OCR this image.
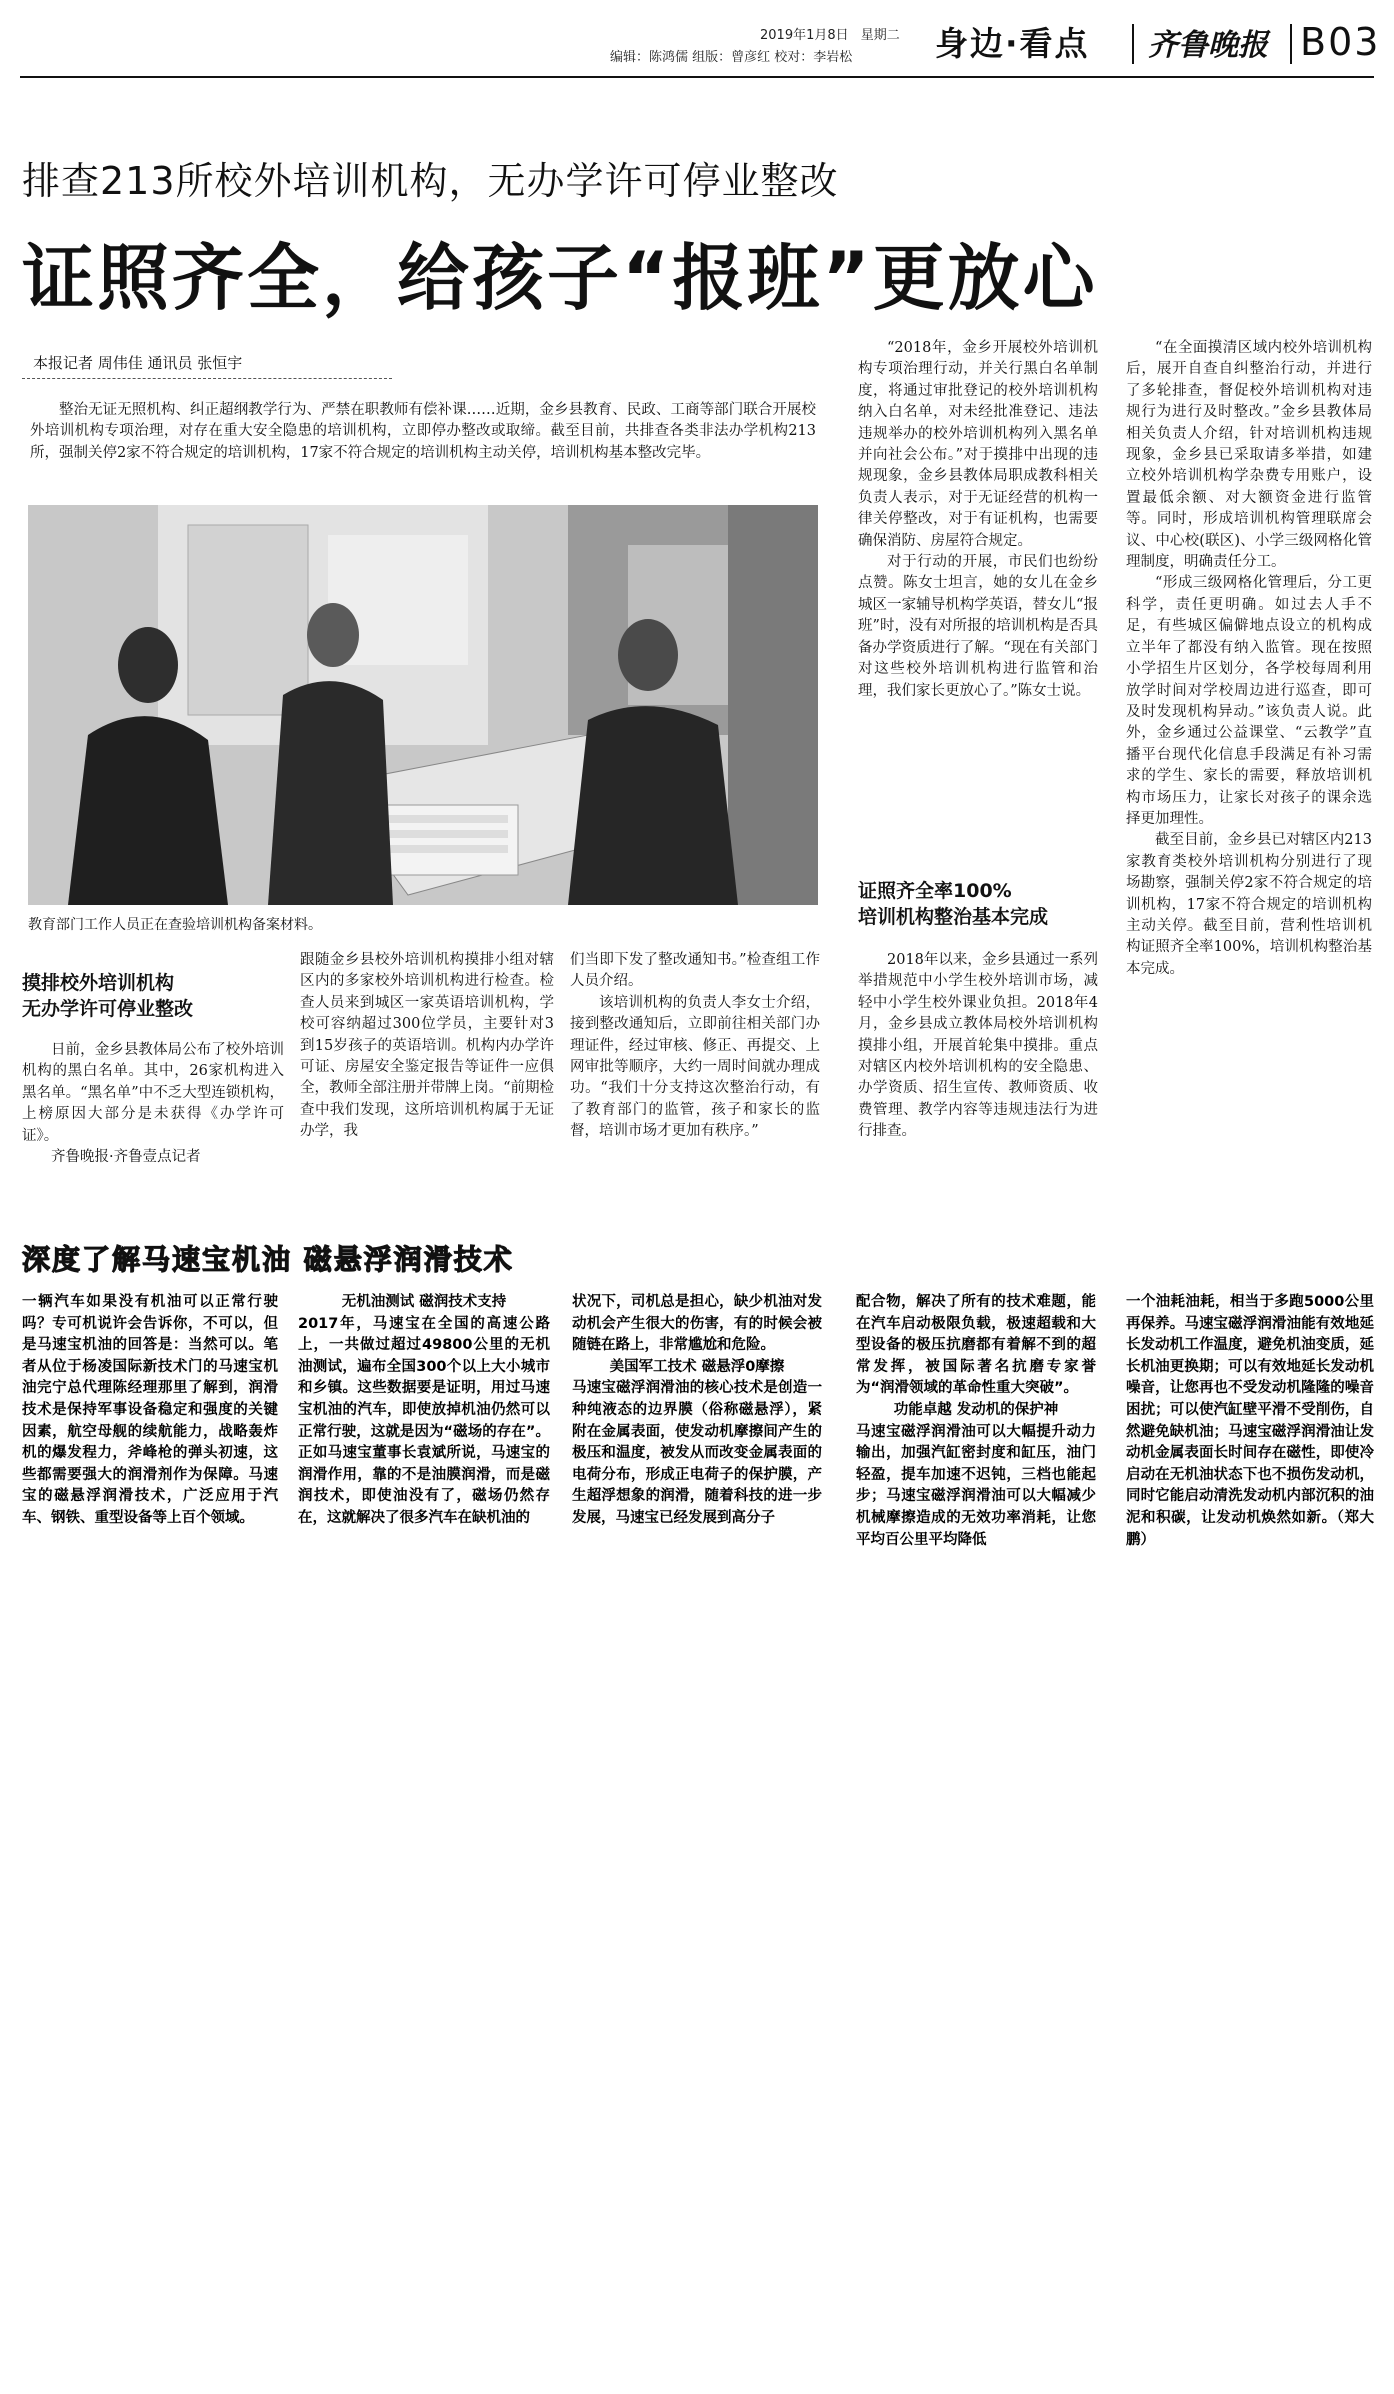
2019年1月8日 星期二
编辑：陈鸿儒 组版：曾彦红 校对：李岩松	身边·看点 齐鲁晚报 B03
排查213所校外培训机构，无办学许可停业整改
证照齐全，给孩子“报班”更放心
本报记者 周伟佳 通讯员 张恒宇

整治无证无照机构、纠正超纲教学行为、严禁在职教师有偿补课……近期，金乡县教育、民政、工商等部门联合开展校外培训机构专项治理，对存在重大安全隐患的培训机构，立即停办整改或取缔。截至目前，共排查各类非法办学机构213所，强制关停2家不符合规定的培训机构，17家不符合规定的培训机构主动关停，培训机构基本整改完毕。

教育部门工作人员正在查验培训机构备案材料。
摸排校外培训机构
无办学许可停业整改

日前，金乡县教体局公布了校外培训机构的黑白名单。其中，26家机构进入黑名单。“黑名单”中不乏大型连锁机构，上榜原因大部分是未获得《办学许可证》。

齐鲁晚报·齐鲁壹点记者

跟随金乡县校外培训机构摸排小组对辖区内的多家校外培训机构进行检查。检查人员来到城区一家英语培训机构，学校可容纳超过300位学员，主要针对3到15岁孩子的英语培训。机构内办学许可证、房屋安全鉴定报告等证件一应俱全，教师全部注册并带牌上岗。“前期检查中我们发现，这所培训机构属于无证办学，我

们当即下发了整改通知书。”检查组工作人员介绍。

该培训机构的负责人李女士介绍，接到整改通知后，立即前往相关部门办理证件，经过审核、修正、再提交、上网审批等顺序，大约一周时间就办理成功。“我们十分支持这次整治行动，有了教育部门的监管，孩子和家长的监督，培训市场才更加有秩序。”

“2018年，金乡开展校外培训机构专项治理行动，并关行黑白名单制度，将通过审批登记的校外培训机构纳入白名单，对未经批准登记、违法违规举办的校外培训机构列入黑名单并向社会公布。”对于摸排中出现的违规现象，金乡县教体局职成教科相关负责人表示，对于无证经营的机构一律关停整改，对于有证机构，也需要确保消防、房屋符合规定。

对于行动的开展，市民们也纷纷点赞。陈女士坦言，她的女儿在金乡城区一家辅导机构学英语，替女儿“报班”时，没有对所报的培训机构是否具备办学资质进行了解。“现在有关部门对这些校外培训机构进行监管和治理，我们家长更放心了。”陈女士说。

证照齐全率100%
培训机构整治基本完成

2018年以来，金乡县通过一系列举措规范中小学生校外培训市场，减轻中小学生校外课业负担。2018年4月，金乡县成立教体局校外培训机构摸排小组，开展首轮集中摸排。重点对辖区内校外培训机构的安全隐患、办学资质、招生宣传、教师资质、收费管理、教学内容等违规违法行为进行排查。

“在全面摸清区域内校外培训机构后，展开自查自纠整治行动，并进行了多轮排查，督促校外培训机构对违规行为进行及时整改。”金乡县教体局相关负责人介绍，针对培训机构违规现象，金乡县已采取请多举措，如建立校外培训机构学杂费专用账户，设置最低余额、对大额资金进行监管等。同时，形成培训机构管理联席会议、中心校(联区)、小学三级网格化管理制度，明确责任分工。

“形成三级网格化管理后，分工更科学，责任更明确。如过去人手不足，有些城区偏僻地点设立的机构成立半年了都没有纳入监管。现在按照小学招生片区划分，各学校每周利用放学时间对学校周边进行巡查，即可及时发现机构异动。”该负责人说。此外，金乡通过公益课堂、“云教学”直播平台现代化信息手段满足有补习需求的学生、家长的需要，释放培训机构市场压力，让家长对孩子的课余选择更加理性。

截至目前，金乡县已对辖区内213家教育类校外培训机构分别进行了现场勘察，强制关停2家不符合规定的培训机构，17家不符合规定的培训机构主动关停。截至目前，营利性培训机构证照齐全率100%，培训机构整治基本完成。

深度了解马速宝机油 磁悬浮润滑技术

一辆汽车如果没有机油可以正常行驶吗？专可机说许会告诉你，不可以，但是马速宝机油的回答是：当然可以。笔者从位于杨凌国际新技术门的马速宝机油完宁总代理陈经理那里了解到，润滑技术是保持军事设备稳定和强度的关键因素，航空母舰的续航能力，战略轰炸机的爆发程力，斧峰枪的弹头初速，这些都需要强大的润滑剂作为保障。马速宝的磁悬浮润滑技术，广泛应用于汽车、钢铁、重型设备等上百个领域。

无机油测试 磁润技术支持

2017年，马速宝在全国的高速公路上，一共做过超过49800公里的无机油测试，遍布全国300个以上大小城市和乡镇。这些数据要是证明，用过马速宝机油的汽车，即使放掉机油仍然可以正常行驶，这就是因为“磁场的存在”。正如马速宝董事长袁斌所说，马速宝的润滑作用，靠的不是油膜润滑，而是磁润技术，即使油没有了，磁场仍然存在，这就解决了很多汽车在缺机油的

状况下，司机总是担心，缺少机油对发动机会产生很大的伤害，有的时候会被随链在路上，非常尴尬和危险。

美国军工技术 磁悬浮0摩擦

马速宝磁浮润滑油的核心技术是创造一种纯液态的边界膜（俗称磁悬浮），紧附在金属表面，使发动机摩擦间产生的极压和温度，被发从而改变金属表面的电荷分布，形成正电荷子的保护膜，产生超浮想象的润滑，随着科技的进一步发展，马速宝已经发展到高分子

配合物，解决了所有的技术难题，能在汽车启动极限负载，极速超载和大型设备的极压抗磨都有着解不到的超常发挥，被国际著名抗磨专家誉为“润滑领域的革命性重大突破”。

功能卓越 发动机的保护神

马速宝磁浮润滑油可以大幅提升动力输出，加强汽缸密封度和缸压，油门轻盈，提车加速不迟钝，三档也能起步；马速宝磁浮润滑油可以大幅减少机械摩擦造成的无效功率消耗，让您平均百公里平均降低

一个油耗油耗，相当于多跑5000公里再保养。马速宝磁浮润滑油能有效地延长发动机工作温度，避免机油变质，延长机油更换期；可以有效地延长发动机噪音，让您再也不受发动机隆隆的噪音困扰；可以使汽缸壁平滑不受削伤，自然避免缺机油；马速宝磁浮润滑油让发动机金属表面长时间存在磁性，即使冷启动在无机油状态下也不损伤发动机，同时它能启动清洗发动机内部沉积的油泥和积碳，让发动机焕然如新。（郑大鹏）
